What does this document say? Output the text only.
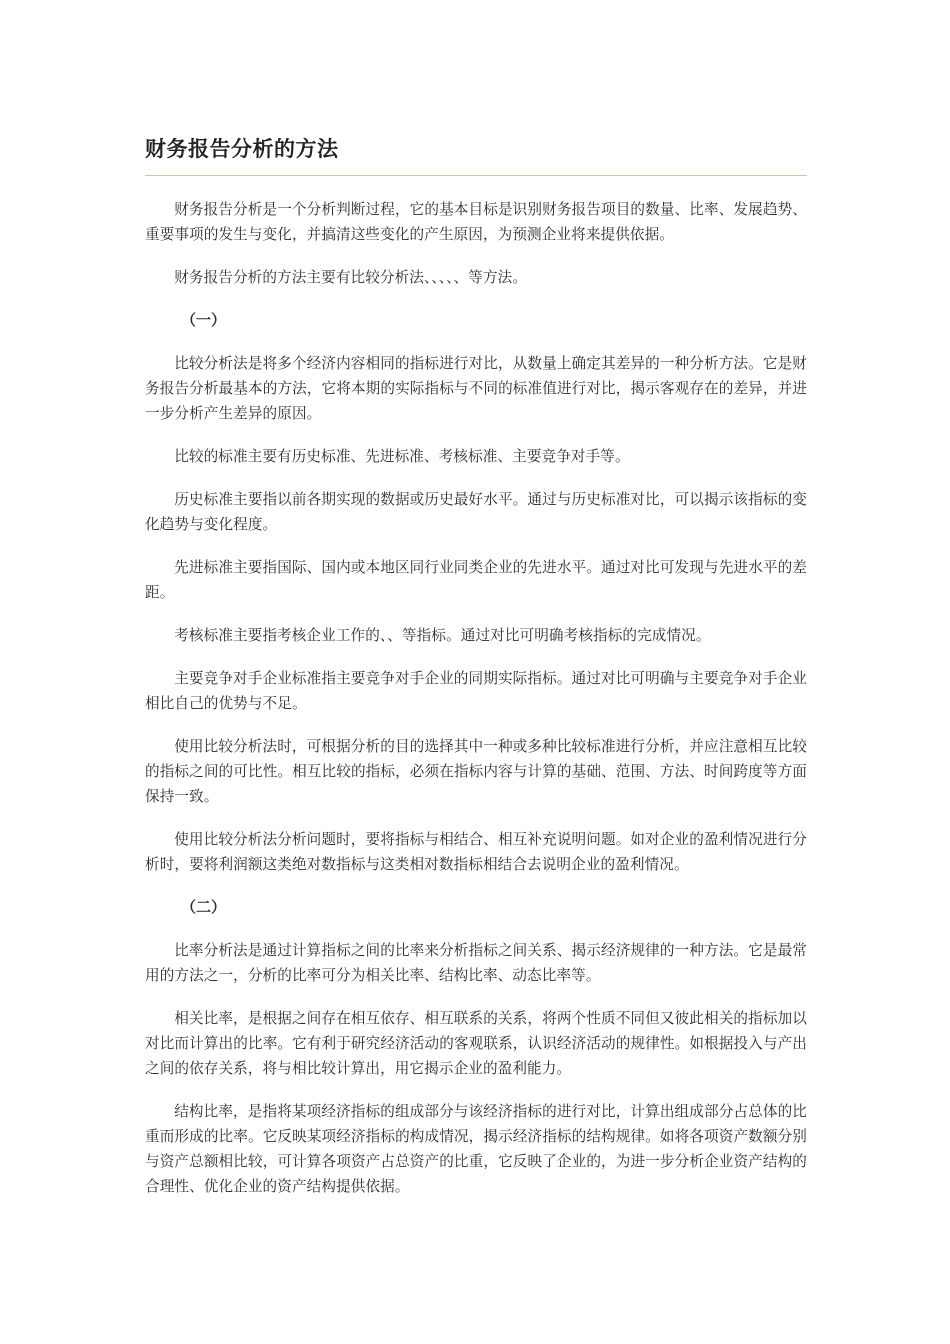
财务报告分析的方法

财务报告分析是一个分析判断过程，它的基本目标是识别财务报告项目的数量、比率、发展趋势、重要事项的发生与变化，并搞清这些变化的产生原因，为预测企业将来提供依据。

财务报告分析的方法主要有比较分析法、、、、、等方法。

（一）

比较分析法是将多个经济内容相同的指标进行对比，从数量上确定其差异的一种分析方法。它是财务报告分析最基本的方法，它将本期的实际指标与不同的标准值进行对比，揭示客观存在的差异，并进一步分析产生差异的原因。

比较的标准主要有历史标准、先进标准、考核标准、主要竞争对手等。

历史标准主要指以前各期实现的数据或历史最好水平。通过与历史标准对比，可以揭示该指标的变化趋势与变化程度。

先进标准主要指国际、国内或本地区同行业同类企业的先进水平。通过对比可发现与先进水平的差距。

考核标准主要指考核企业工作的、、等指标。通过对比可明确考核指标的完成情况。

主要竞争对手企业标准指主要竞争对手企业的同期实际指标。通过对比可明确与主要竞争对手企业相比自己的优势与不足。

使用比较分析法时，可根据分析的目的选择其中一种或多种比较标准进行分析，并应注意相互比较的指标之间的可比性。相互比较的指标，必须在指标内容与计算的基础、范围、方法、时间跨度等方面保持一致。

使用比较分析法分析问题时，要将指标与相结合、相互补充说明问题。如对企业的盈利情况进行分析时，要将利润额这类绝对数指标与这类相对数指标相结合去说明企业的盈利情况。

（二）

比率分析法是通过计算指标之间的比率来分析指标之间关系、揭示经济规律的一种方法。它是最常用的方法之一，分析的比率可分为相关比率、结构比率、动态比率等。

相关比率，是根据之间存在相互依存、相互联系的关系，将两个性质不同但又彼此相关的指标加以对比而计算出的比率。它有利于研究经济活动的客观联系，认识经济活动的规律性。如根据投入与产出之间的依存关系，将与相比较计算出，用它揭示企业的盈利能力。

结构比率，是指将某项经济指标的组成部分与该经济指标的进行对比，计算出组成部分占总体的比重而形成的比率。它反映某项经济指标的构成情况，揭示经济指标的结构规律。如将各项资产数额分别与资产总额相比较，可计算各项资产占总资产的比重，它反映了企业的，为进一步分析企业资产结构的合理性、优化企业的资产结构提供依据。
